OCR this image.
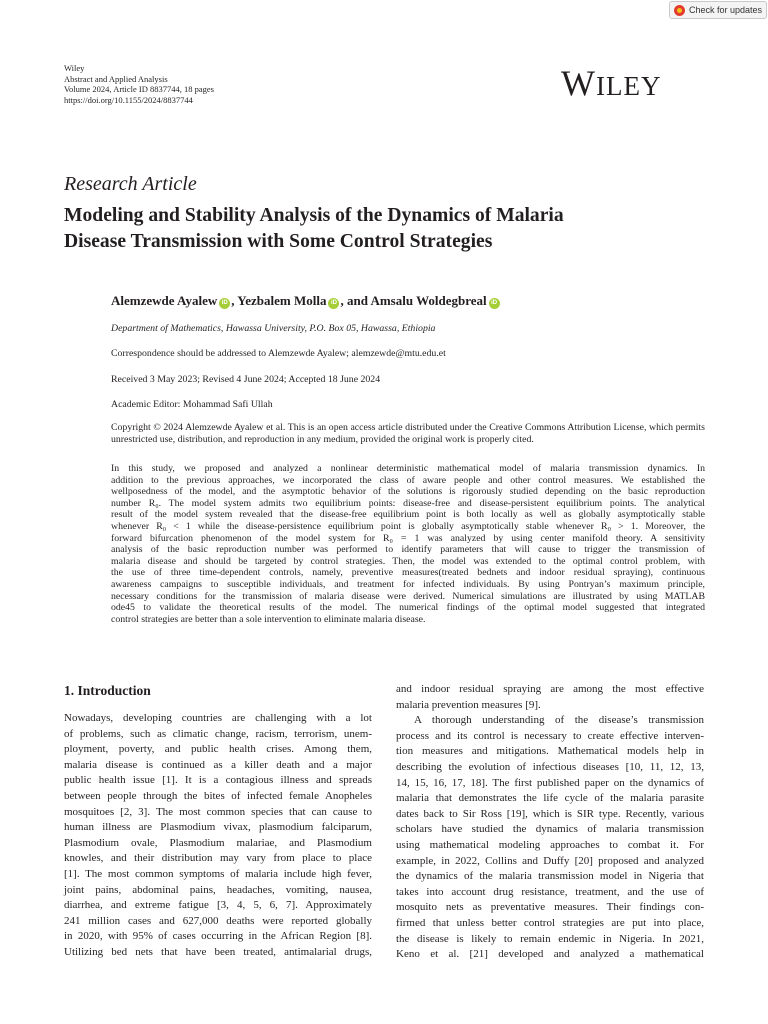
Check for updates
Wiley
Abstract and Applied Analysis
Volume 2024, Article ID 8837744, 18 pages
https://doi.org/10.1155/2024/8837744	WILEY
Research Article
Modeling and Stability Analysis of the Dynamics of Malaria
Disease Transmission with Some Control Strategies
Alemzewde Ayalew iD , Yezbalem Molla iD , and Amsalu Woldegbreal iD
Department of Mathematics, Hawassa University, P.O. Box 05, Hawassa, Ethiopia
Correspondence should be addressed to Alemzewde Ayalew; alemzewde@mtu.edu.et
Received 3 May 2023; Revised 4 June 2024; Accepted 18 June 2024
Academic Editor: Mohammad Safi Ullah
Copyright © 2024 Alemzewde Ayalew et al. This is an open access article distributed under the Creative Commons Attribution License, which permits unrestricted use, distribution, and reproduction in any medium, provided the original work is properly cited.
In this study, we proposed and analyzed a nonlinear deterministic mathematical model of malaria transmission dynamics. In
addition to the previous approaches, we incorporated the class of aware people and other control measures. We established the
wellposedness of the model, and the asymptotic behavior of the solutions is rigorously studied depending on the basic reproduction
number R₀. The model system admits two equilibrium points: disease-free and disease-persistent equilibrium points. The analytical
result of the model system revealed that the disease-free equilibrium point is both locally as well as globally asymptotically stable
whenever R₀ < 1 while the disease-persistence equilibrium point is globally asymptotically stable whenever R₀ > 1. Moreover, the
forward bifurcation phenomenon of the model system for R₀ = 1 was analyzed by using center manifold theory. A sensitivity
analysis of the basic reproduction number was performed to identify parameters that will cause to trigger the transmission of
malaria disease and should be targeted by control strategies. Then, the model was extended to the optimal control problem, with
the use of three time-dependent controls, namely, preventive measures(treated bednets and indoor residual spraying), continuous
awareness campaigns to susceptible individuals, and treatment for infected individuals. By using Pontryan’s maximum principle,
necessary conditions for the transmission of malaria disease were derived. Numerical simulations are illustrated by using MATLAB
ode45 to validate the theoretical results of the model. The numerical findings of the optimal model suggested that integrated
control strategies are better than a sole intervention to eliminate malaria disease.
1. Introduction
Nowadays, developing countries are challenging with a lot
of problems, such as climatic change, racism, terrorism, unem-
ployment, poverty, and public health crises. Among them,
malaria disease is continued as a killer death and a major
public health issue [1]. It is a contagious illness and spreads
between people through the bites of infected female Anopheles
mosquitoes [2, 3]. The most common species that can cause to
human illness are Plasmodium vivax, plasmodium falciparum,
Plasmodium ovale, Plasmodium malariae, and Plasmodium
knowles, and their distribution may vary from place to place
[1]. The most common symptoms of malaria include high fever,
joint pains, abdominal pains, headaches, vomiting, nausea,
diarrhea, and extreme fatigue [3, 4, 5, 6, 7]. Approximately
241 million cases and 627,000 deaths were reported globally
in 2020, with 95% of cases occurring in the African Region [8].
Utilizing bed nets that have been treated, antimalarial drugs,
and indoor residual spraying are among the most effective
malaria prevention measures [9].
A thorough understanding of the disease’s transmission
process and its control is necessary to create effective interven-
tion measures and mitigations. Mathematical models help in
describing the evolution of infectious diseases [10, 11, 12, 13,
14, 15, 16, 17, 18]. The first published paper on the dynamics of
malaria that demonstrates the life cycle of the malaria parasite
dates back to Sir Ross [19], which is SIR type. Recently, various
scholars have studied the dynamics of malaria transmission
using mathematical modeling approaches to combat it. For
example, in 2022, Collins and Duffy [20] proposed and analyzed
the dynamics of the malaria transmission model in Nigeria that
takes into account drug resistance, treatment, and the use of
mosquito nets as preventative measures. Their findings con-
firmed that unless better control strategies are put into place,
the disease is likely to remain endemic in Nigeria. In 2021,
Keno et al. [21] developed and analyzed a mathematical
